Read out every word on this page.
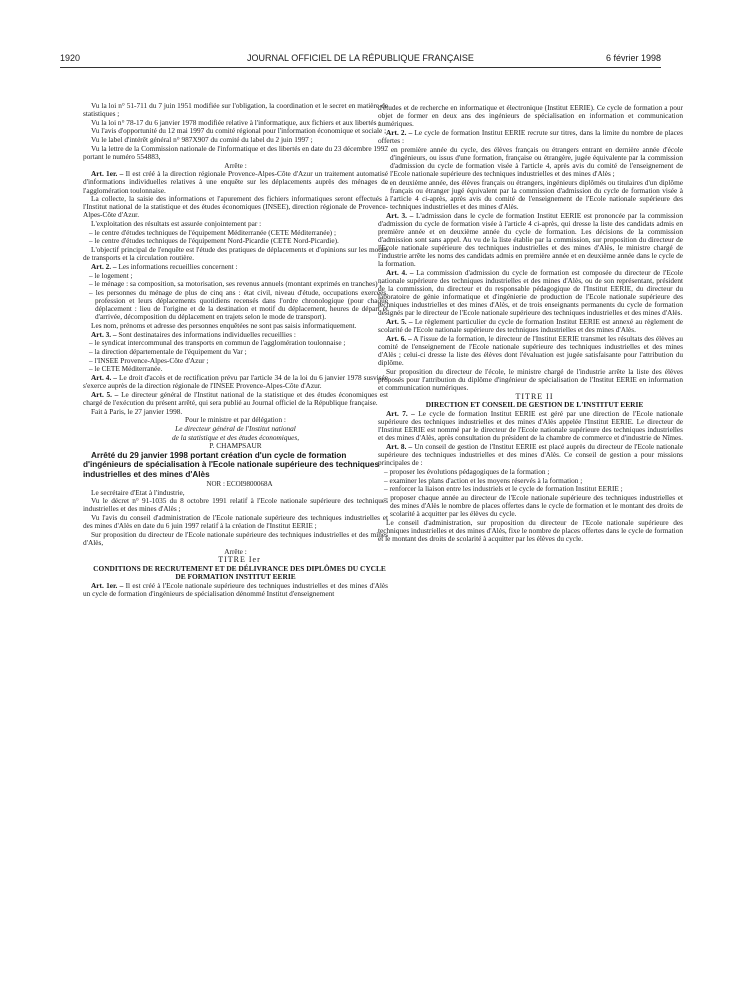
1920	JOURNAL OFFICIEL DE LA RÉPUBLIQUE FRANÇAISE	6 février 1998

Vu la loi n° 51-711 du 7 juin 1951 modifiée sur l'obligation, la coordination et le secret en matière de statistiques ;

Vu la loi n° 78-17 du 6 janvier 1978 modifiée relative à l'informatique, aux fichiers et aux libertés ;

Vu l'avis d'opportunité du 12 mai 1997 du comité régional pour l'information économique et sociale ;

Vu le label d'intérêt général n° 987X907 du comité du label du 2 juin 1997 ;

Vu la lettre de la Commission nationale de l'informatique et des libertés en date du 23 décembre 1997 portant le numéro 554883,

Arrête :

Art. 1er. – Il est créé à la direction régionale Provence-Alpes-Côte d'Azur un traitement automatisé d'informations individuelles relatives à une enquête sur les déplacements auprès des ménages de l'agglomération toulonnaise.

La collecte, la saisie des informations et l'apurement des fichiers informatiques seront effectués à l'Institut national de la statistique et des études économiques (INSEE), direction régionale de Provence-Alpes-Côte d'Azur.

L'exploitation des résultats est assurée conjointement par :

– le centre d'études techniques de l'équipement Méditerranée (CETE Méditerranée) ;

– le centre d'études techniques de l'équipement Nord-Picardie (CETE Nord-Picardie).

L'objectif principal de l'enquête est l'étude des pratiques de déplacements et d'opinions sur les modes de transports et la circulation routière.

Art. 2. – Les informations recueillies concernent :

– le logement ;

– le ménage : sa composition, sa motorisation, ses revenus annuels (montant exprimés en tranches) ;

– les personnes du ménage de plus de cinq ans : état civil, niveau d'étude, occupations exercées, profession et leurs déplacements quotidiens recensés dans l'ordre chronologique (pour chaque déplacement : lieu de l'origine et de la destination et motif du déplacement, heures de départ et d'arrivée, décomposition du déplacement en trajets selon le mode de transport).

Les nom, prénoms et adresse des personnes enquêtées ne sont pas saisis informatiquement.

Art. 3. – Sont destinataires des informations individuelles recueillies :

– le syndicat intercommunal des transports en commun de l'agglomération toulonnaise ;

– la direction départementale de l'équipement du Var ;

– l'INSEE Provence-Alpes-Côte d'Azur ;

– le CETE Méditerranée.

Art. 4. – Le droit d'accès et de rectification prévu par l'article 34 de la loi du 6 janvier 1978 susvisée s'exerce auprès de la direction régionale de l'INSEE Provence-Alpes-Côte d'Azur.

Art. 5. – Le directeur général de l'Institut national de la statistique et des études économiques est chargé de l'exécution du présent arrêté, qui sera publié au Journal officiel de la République française.

Fait à Paris, le 27 janvier 1998.

Pour le ministre et par délégation :

Le directeur général de l'Institut national

de la statistique et des études économiques,

P. CHAMPSAUR

Arrêté du 29 janvier 1998 portant création d'un cycle de formation d'ingénieurs de spécialisation à l'Ecole nationale supérieure des techniques industrielles et des mines d'Alès

NOR : ECOI9800068A

Le secrétaire d'Etat à l'industrie,

Vu le décret n° 91-1035 du 8 octobre 1991 relatif à l'Ecole nationale supérieure des techniques industrielles et des mines d'Alès ;

Vu l'avis du conseil d'administration de l'Ecole nationale supérieure des techniques industrielles et des mines d'Alès en date du 6 juin 1997 relatif à la création de l'Institut EERIE ;

Sur proposition du directeur de l'Ecole nationale supérieure des techniques industrielles et des mines d'Alès,

Arrête :

TITRE Ier

CONDITIONS DE RECRUTEMENT ET DE DÉLIVRANCE DES DIPLÔMES DU CYCLE DE FORMATION INSTITUT EERIE

Art. 1er. – Il est créé à l'Ecole nationale supérieure des techniques industrielles et des mines d'Alès un cycle de formation d'ingénieurs de spécialisation dénommé Institut d'enseignement

d'études et de recherche en informatique et électronique (Institut EERIE). Ce cycle de formation a pour objet de former en deux ans des ingénieurs de spécialisation en information et communication numériques.

Art. 2. – Le cycle de formation Institut EERIE recrute sur titres, dans la limite du nombre de places offertes :

– en première année du cycle, des élèves français ou étrangers entrant en dernière année d'école d'ingénieurs, ou issus d'une formation, française ou étrangère, jugée équivalente par la commission d'admission du cycle de formation visée à l'article 4, après avis du comité de l'enseignement de l'Ecole nationale supérieure des techniques industrielles et des mines d'Alès ;

– en deuxième année, des élèves français ou étrangers, ingénieurs diplômés ou titulaires d'un diplôme français ou étranger jugé équivalent par la commission d'admission du cycle de formation visée à l'article 4 ci-après, après avis du comité de l'enseignement de l'Ecole nationale supérieure des techniques industrielles et des mines d'Alès.

Art. 3. – L'admission dans le cycle de formation Institut EERIE est prononcée par la commission d'admission du cycle de formation visée à l'article 4 ci-après, qui dresse la liste des candidats admis en première année et en deuxième année du cycle de formation. Les décisions de la commission d'admission sont sans appel. Au vu de la liste établie par la commission, sur proposition du directeur de l'Ecole nationale supérieure des techniques industrielles et des mines d'Alès, le ministre chargé de l'industrie arrête les noms des candidats admis en première année et en deuxième année dans le cycle de la formation.

Art. 4. – La commission d'admission du cycle de formation est composée du directeur de l'Ecole nationale supérieure des techniques industrielles et des mines d'Alès, ou de son représentant, président de la commission, du directeur et du responsable pédagogique de l'Institut EERIE, du directeur du laboratoire de génie informatique et d'ingénierie de production de l'Ecole nationale supérieure des techniques industrielles et des mines d'Alès, et de trois enseignants permanents du cycle de formation désignés par le directeur de l'Ecole nationale supérieure des techniques industrielles et des mines d'Alès.

Art. 5. – Le règlement particulier du cycle de formation Institut EERIE est annexé au règlement de scolarité de l'Ecole nationale supérieure des techniques industrielles et des mines d'Alès.

Art. 6. – A l'issue de la formation, le directeur de l'Institut EERIE transmet les résultats des élèves au comité de l'enseignement de l'Ecole nationale supérieure des techniques industrielles et des mines d'Alès ; celui-ci dresse la liste des élèves dont l'évaluation est jugée satisfaisante pour l'attribution du diplôme.

Sur proposition du directeur de l'école, le ministre chargé de l'industrie arrête la liste des élèves proposés pour l'attribution du diplôme d'ingénieur de spécialisation de l'Institut EERIE en information et communication numériques.

TITRE II

DIRECTION ET CONSEIL DE GESTION DE L'INSTITUT EERIE

Art. 7. – Le cycle de formation Institut EERIE est géré par une direction de l'Ecole nationale supérieure des techniques industrielles et des mines d'Alès appelée l'Institut EERIE. Le directeur de l'Institut EERIE est nommé par le directeur de l'Ecole nationale supérieure des techniques industrielles et des mines d'Alès, après consultation du président de la chambre de commerce et d'industrie de Nîmes.

Art. 8. – Un conseil de gestion de l'Institut EERIE est placé auprès du directeur de l'Ecole nationale supérieure des techniques industrielles et des mines d'Alès. Ce conseil de gestion a pour missions principales de :

– proposer les évolutions pédagogiques de la formation ;

– examiner les plans d'action et les moyens réservés à la formation ;

– renforcer la liaison entre les industriels et le cycle de formation Institut EERIE ;

– proposer chaque année au directeur de l'Ecole nationale supérieure des techniques industrielles et des mines d'Alès le nombre de places offertes dans le cycle de formation et le montant des droits de scolarité à acquitter par les élèves du cycle.

Le conseil d'administration, sur proposition du directeur de l'Ecole nationale supérieure des techniques industrielles et des mines d'Alès, fixe le nombre de places offertes dans le cycle de formation et le montant des droits de scolarité à acquitter par les élèves du cycle.
